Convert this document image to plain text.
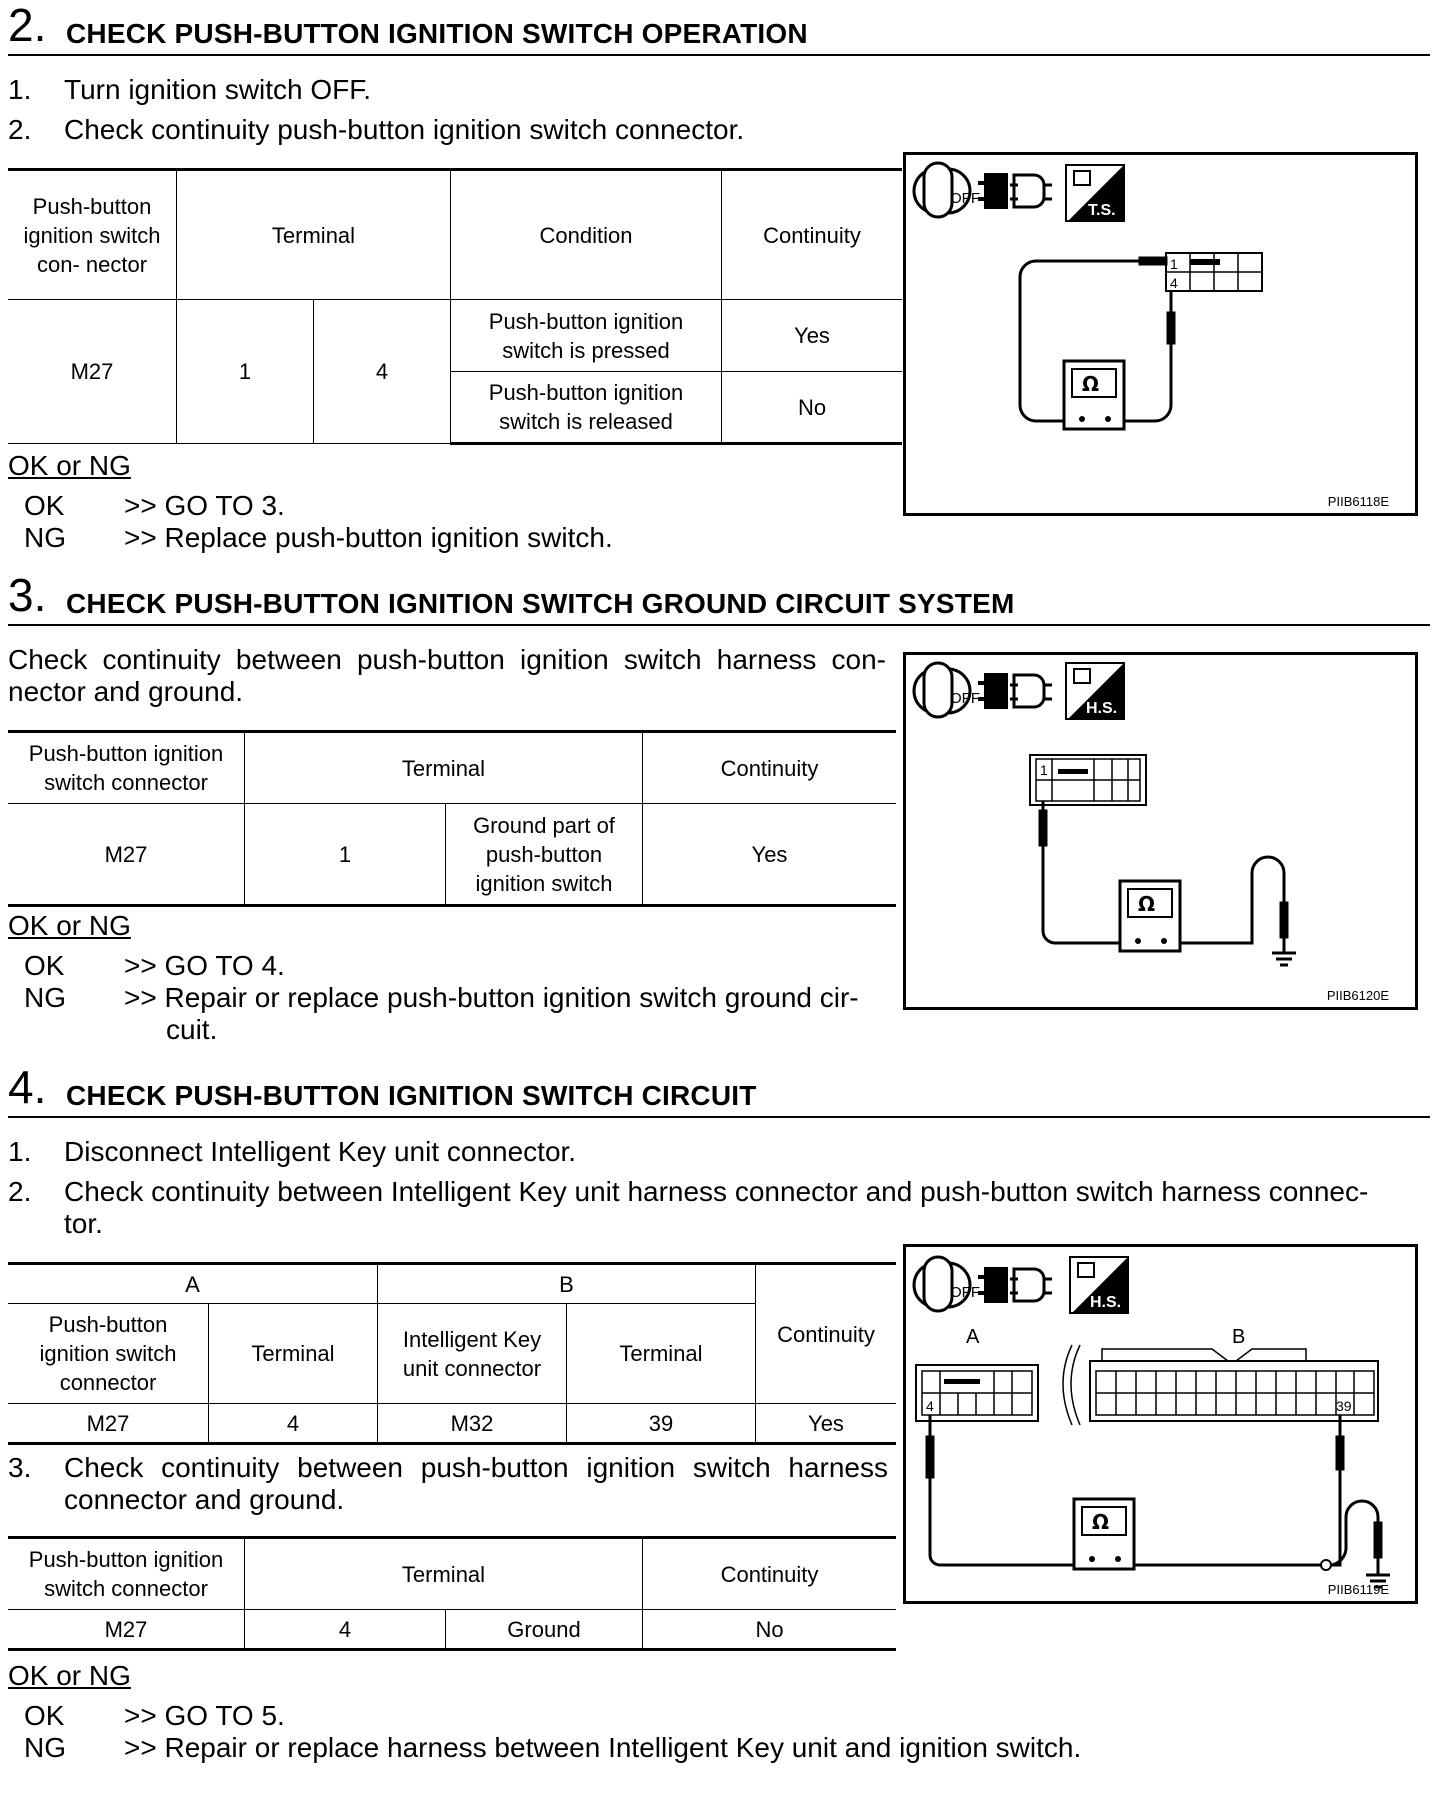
2. CHECK PUSH-BUTTON IGNITION SWITCH OPERATION
1. Turn ignition switch OFF.
2. Check continuity push-button ignition switch connector.
Push-button ignition switch con- nector	Terminal		Condition	Continuity
M27	1	4	Push-button ignition switch is pressed	Yes
			Push-button ignition switch is released	No
OK or NG
OK >> GO TO 3.
NG >> Replace push-button ignition switch.
OFF
T.S.
1
4
Ω
PIIB6118E
3. CHECK PUSH-BUTTON IGNITION SWITCH GROUND CIRCUIT SYSTEM
Check continuity between push-button ignition switch harness con- nector and ground.
Push-button ignition switch connector	Terminal		Continuity
M27	1	Ground part of push-button ignition switch	Yes
OK or NG
OK >> GO TO 4.
NG >> Repair or replace push-button ignition switch ground cir-
cuit.
OFF
H.S.
1
Ω
PIIB6120E
4. CHECK PUSH-BUTTON IGNITION SWITCH CIRCUIT
1. Disconnect Intelligent Key unit connector.
2. Check continuity between Intelligent Key unit harness connector and push-button switch harness connec-
tor.
A		B		Continuity
Push-button ignition switch connector	Terminal	Intelligent Key unit connector	Terminal	
M27	4	M32	39	Yes
3. Check continuity between push-button ignition switch harness connector and ground.
Push-button ignition switch connector	Terminal		Continuity
M27	4	Ground	No
OK or NG
OK >> GO TO 5.
NG >> Repair or replace harness between Intelligent Key unit and ignition switch.
OFF
H.S.
A	B
4	39
Ω
PIIB6119E
